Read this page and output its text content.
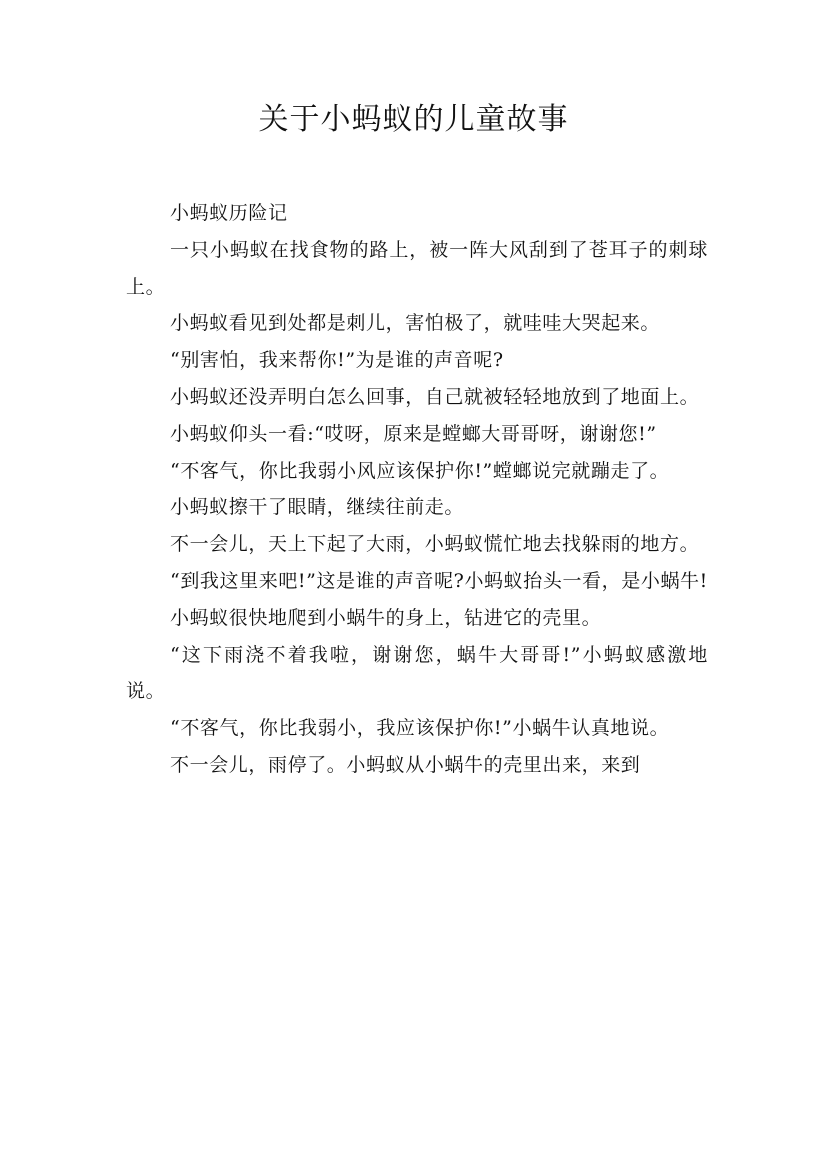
关于小蚂蚁的儿童故事

小蚂蚁历险记

一只小蚂蚁在找食物的路上，被一阵大风刮到了苍耳子的刺球上。

小蚂蚁看见到处都是刺儿，害怕极了，就哇哇大哭起来。

“别害怕，我来帮你!”为是谁的声音呢?

小蚂蚁还没弄明白怎么回事，自己就被轻轻地放到了地面上。

小蚂蚁仰头一看:“哎呀，原来是螳螂大哥哥呀，谢谢您!”

“不客气，你比我弱小风应该保护你!”螳螂说完就蹦走了。

小蚂蚁擦干了眼睛，继续往前走。

不一会儿，天上下起了大雨，小蚂蚁慌忙地去找躲雨的地方。

“到我这里来吧!”这是谁的声音呢?小蚂蚁抬头一看，是小蜗牛!

小蚂蚁很快地爬到小蜗牛的身上，钻进它的壳里。

“这下雨浇不着我啦，谢谢您，蜗牛大哥哥!”小蚂蚁感激地说。

“不客气，你比我弱小，我应该保护你!”小蜗牛认真地说。

不一会儿，雨停了。小蚂蚁从小蜗牛的壳里出来，来到
